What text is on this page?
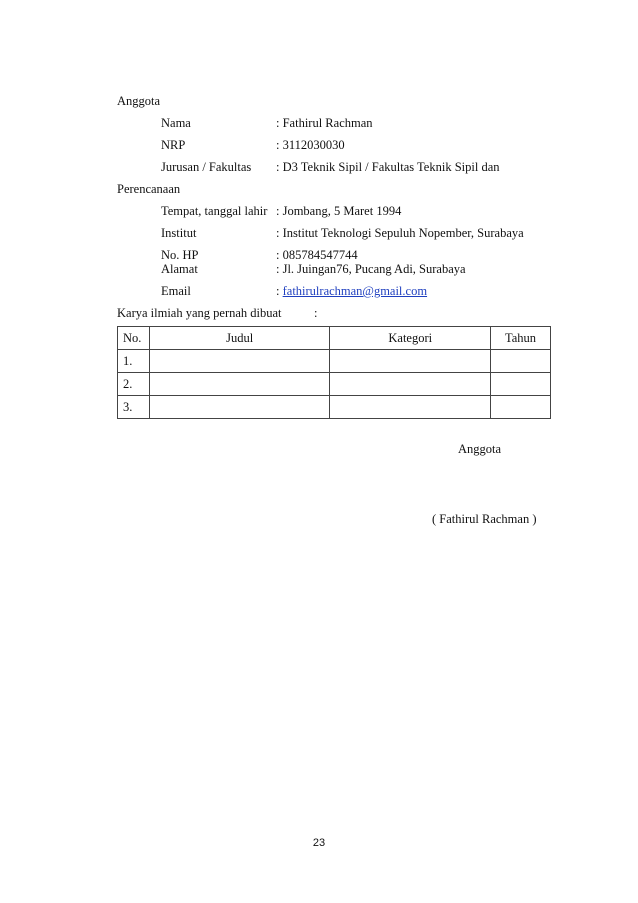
Anggota
Nama	: Fathirul Rachman
NRP	: 3112030030
Jurusan / Fakultas : D3 Teknik Sipil / Fakultas Teknik Sipil dan
Perencanaan
Tempat, tanggal lahir : Jombang, 5 Maret 1994
Institut	: Institut Teknologi Sepuluh Nopember, Surabaya
No. HP	: 085784547744
Alamat	: Jl. Juingan76, Pucang Adi, Surabaya
Email	: fathirulrachman@gmail.com
Karya ilmiah yang pernah dibuat	:
No.	Judul	Kategori	Tahun
1.			
2.			
3.			
Anggota
( Fathirul Rachman )
23
